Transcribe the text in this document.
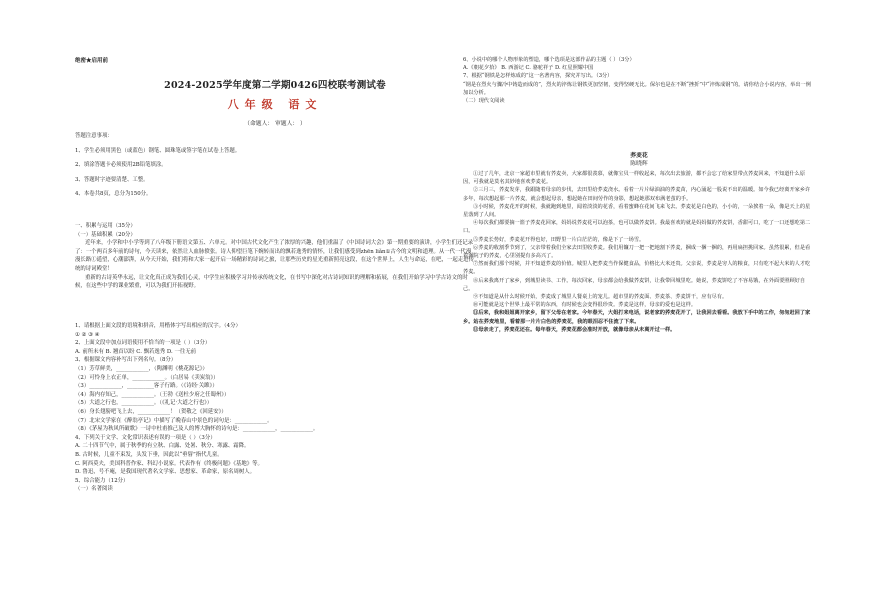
绝密★启用前
2024-2025学年度第二学期0426四校联考测试卷
八年级 语文
（命题人： 审题人： ）
答题注意事项：
1、学生必须用黑色（或蓝色）钢笔、圆珠笔或签字笔在试卷上答题。
2、填涂答题卡必须使用2B铅笔填涂。
3、答题时字迹要清楚、工整。
4、本卷共8页，总分为150分。
一、积累与运用（35分）
（一）基础积累（20分）
近年来，小学和中小学等到了八年级下册语文第五、六单元。对中国古代文化产生了浓厚的兴趣，他们重温了《中国诗词大会》第一期重要的演讲，小学生们还记录了：一个两百多年前的诗句，今天读来，依然让人血脉偾张。诗人仰望巨笔下婉转而出的飘若逸秀的情怀，让我们感受到zhēn liǎn①古今的文明和道理。从一代一代漫漫长路①遥望，心潮澎湃，从今天开始，我们将和大家一起开启一场精彩的诗词之旅，让那些历史的星光重新照亮这段，在这个世界上，人生与命运，在吧，一起走进传统的诗词殿堂！
重新的古诗英华永远，让文化真正成为我们心灵，中学生应积极学习并传承传统文化，在书写中深化对古诗词知识的理解和拓展，在我们开始学习中学古诗文的时候，在这些中学的课业繁重，可以为我们开拓视野。
1、请根据上面文段的语境和拼音，用楷体字写出相应的汉字。（4分）
① ② ③ ④
2、上面文段中加点词语使用不恰当的一项是（ ）（3分）
A. 前所未有 B. 翘首以盼 C. 飘若逸秀 D. 一往无前
3、根据课文内容补写出下列名句。（8分）
（1）芳草鲜美，____________，（陶渊明《桃花源记》）
（2）可怜身上衣正单，____________。（白居易《卖炭翁》）
（3）____________，__________客子行路。（《诗经·关雎》）
（4）海内存知己，____________。（王勃《送杜少府之任蜀州》）
（5）大道之行也，____________。（《礼记·大道之行也》）
（6）身长翅膀吧飞上去，____________！（贺敬之《回延安》）
（7）北宋文学家在《醉翁亭记》中描写了晚春山中景色的词句是：____________。
（8）《茅屋为秋风所破歌》一诗中杜甫推己及人的博大胸怀的诗句是：____________，____________。
4、下列关于文学、文化常识表述有误的一项是（ ）（3分）
A. 二十四节气中，属于秋季的有立秋、白露、处暑、秋分、寒露、霜降。
B. 古时候，儿童不束发，头发下垂，因此以“垂髫”指代儿童。
C. 阿西莫夫，美国科普作家、科幻小说家。代表作有《终极问题》《基地》等。
D. 鲁迅，号不庵，是我国现代著名文学家、思想家、革命家，原名周树人。
5、综合能力（12分）
（一）名著阅读
6、小说中的哪个人物形象的塑造，哪个选项是这部作品的主题（ ）（3分）
A.《朝花夕拾》 B. 西游记 C. 骆驼祥子 D. 红星照耀中国
7、根据“钢铁是怎样炼成的”这一名著内容，探究并写出。（3分）
“钢是在烈火与骤冷中铸造而成的”，烈火的淬炼让钢铁更加坚韧，变得坚硬无比。保尔也是在不断“挫折”中“淬炼成钢”的。请你结合小说内容，举出一例加以分析。
（二）现代文阅读
荞麦花
陈晓辉

①过了几年，北京一家超市里就有荞麦卖，大家都很羡慕，就像宝贝一样收起来，每次出去旅游，都不会忘了给家里带点荞麦回来，不知道什么原因，可我就是莫名其妙地喜欢荞麦花。

②三月三，荞麦发芽，我跟随着母亲的步伐，去田里给荞麦浇水。看着一片片绿油油的荞麦苗，内心涌起一股说不出的温暖。如今我已经离开家乡许多年，每次想起那一片荞麦，就会想起母亲，想起她在田间劳作的身影，想起她那双布满老茧的手。

③小时候，荞麦花开的时候，我就跑到地里，闻着淡淡的花香，看着蜜蜂在花间飞来飞去。荞麦花是白色的，小小的，一朵挨着一朵，像是天上的星星落到了人间。

④每次我们都要摘一篮子荞麦花回家，妈妈说荞麦花可以泡茶，也可以做荞麦饼。我最喜欢的就是妈妈做的荞麦饼，香甜可口，吃了一口还想吃第二口。

⑤荞麦长势好，荞麦花开得也好，田野里一片白茫茫的，像是下了一场雪。

⑥荞麦的收割季节到了，父亲带着我们全家去田里收荞麦。我们用镰刀一把一把地割下荞麦，捆成一捆一捆的，再用扁担挑回家。虽然很累，但是看着满院子的荞麦，心里别提有多高兴了。

⑦然而我们那个时候，并不知道荞麦的价值。城里人把荞麦当作保健食品，价格比大米还贵。父亲说，荞麦是穷人的粮食，只有吃不起大米的人才吃荞麦。

⑧后来我离开了家乡，到城里读书、工作。每次回家，母亲都会给我做荞麦饼，让我带回城里吃。她说，荞麦饼吃了不容易饿，在外面要照顾好自己。

⑨不知道是从什么时候开始，荞麦成了城里人餐桌上的宠儿。超市里的荞麦面、荞麦茶、荞麦饼干，应有尽有。

⑩可能就是这个世界上最平常的东西，有时候也会变得很珍贵。荞麦是这样，母亲的爱也是这样。

⑪后来，我和姐姐离开家乡，留下父母在老家。今年春天，大姐打来电话，说老家的荞麦花开了，让我回去看看。我放下手中的工作，匆匆赶回了家乡。站在荞麦地里，看着那一片片白色的荞麦花，我的眼泪忍不住流了下来。

⑫母亲走了，荞麦花还在。每年春天，荞麦花都会准时开放，就像母亲从未离开过一样。
